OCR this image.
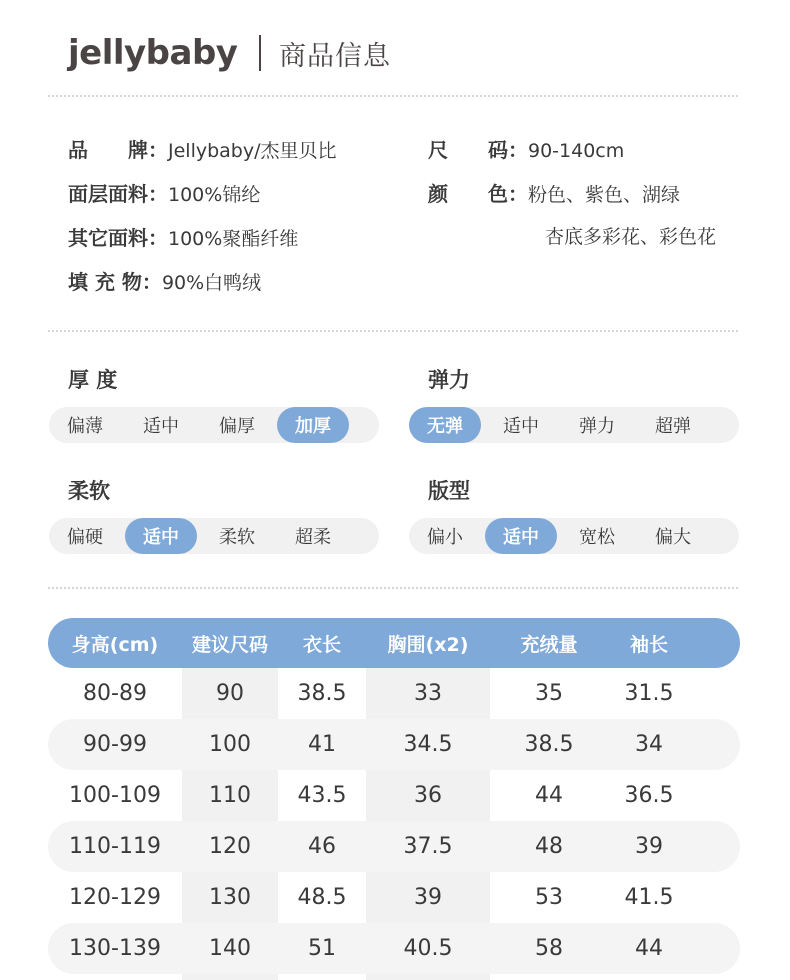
jellybaby 商品信息
品　　牌：Jellybaby/杰里贝比
面层面料：100%锦纶
其它面料：100%聚酯纤维
填 充 物：90%白鸭绒
尺　　码：90-140cm
颜　　色：粉色、紫色、湖绿
杏底多彩花、彩色花
厚 度
偏薄	适中	偏厚	加厚
弹力
无弹	适中	弹力	超弹
柔软
偏硬	适中	柔软	超柔
版型
偏小	适中	宽松	偏大
身高(cm)	建议尺码	衣长	胸围(x2)	充绒量	袖长
80-89	90	38.5	33	35	31.5
90-99	100	41	34.5	38.5	34
100-109	110	43.5	36	44	36.5
110-119	120	46	37.5	48	39
120-129	130	48.5	39	53	41.5
130-139	140	51	40.5	58	44
